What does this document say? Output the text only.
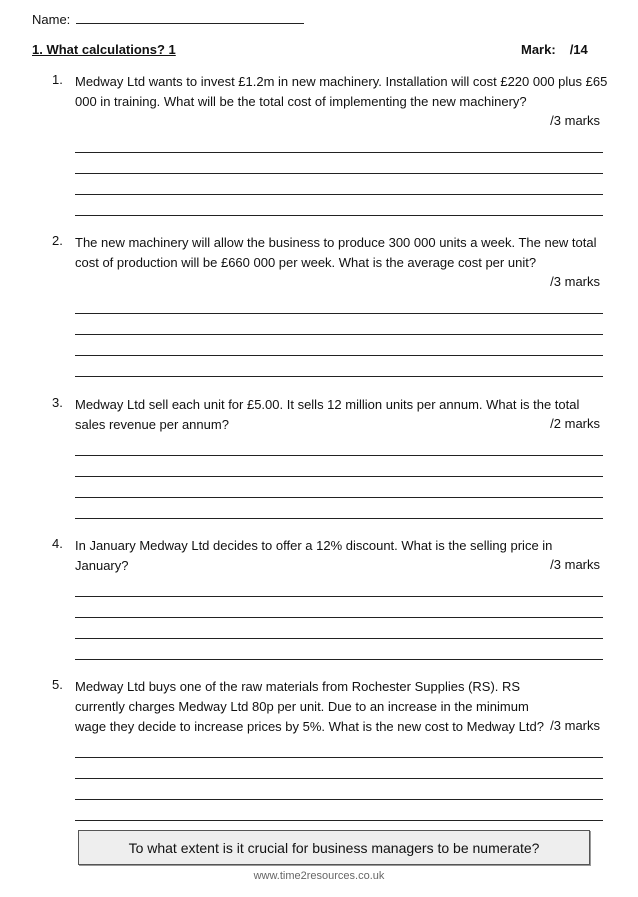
Name:
1. What calculations? 1	Mark: /14
1. Medway Ltd wants to invest £1.2m in new machinery. Installation will cost £220 000 plus £65 000 in training. What will be the total cost of implementing the new machinery?
/3 marks
2. The new machinery will allow the business to produce 300 000 units a week. The new total cost of production will be £660 000 per week. What is the average cost per unit?
/3 marks
3. Medway Ltd sell each unit for £5.00. It sells 12 million units per annum. What is the total sales revenue per annum?	/2 marks
4. In January Medway Ltd decides to offer a 12% discount. What is the selling price in January?	/3 marks
5. Medway Ltd buys one of the raw materials from Rochester Supplies (RS). RS currently charges Medway Ltd 80p per unit. Due to an increase in the minimum wage they decide to increase prices by 5%. What is the new cost to Medway Ltd? /3 marks
To what extent is it crucial for business managers to be numerate?
www.time2resources.co.uk
